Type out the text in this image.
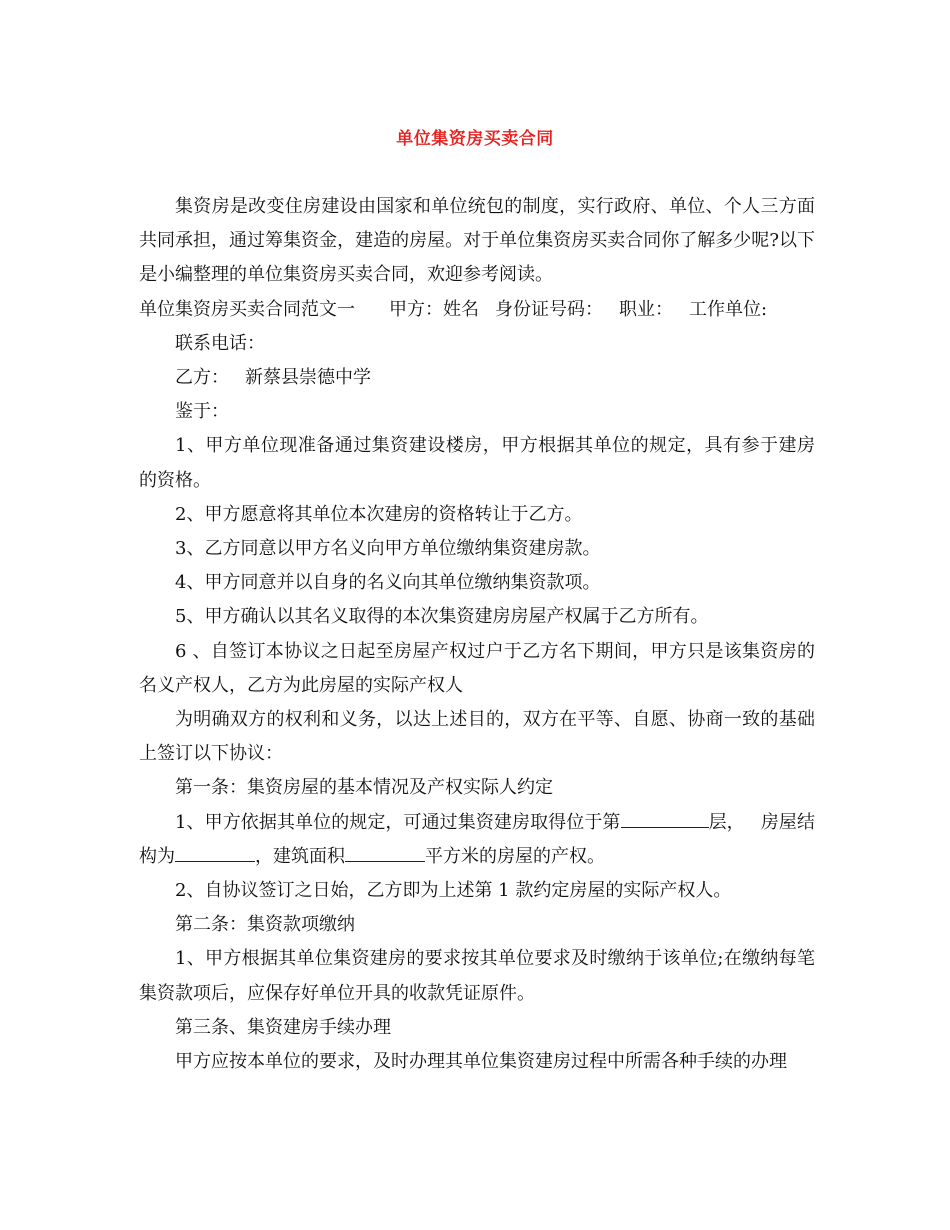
单位集资房买卖合同

集资房是改变住房建设由国家和单位统包的制度，实行政府、单位、个人三方面共同承担，通过筹集资金，建造的房屋。对于单位集资房买卖合同你了解多少呢?以下是小编整理的单位集资房买卖合同，欢迎参考阅读。

单位集资房买卖合同范文一 甲方：姓名 身份证号码： 职业： 工作单位:

联系电话：

乙方： 新蔡县崇德中学

鉴于：

1、甲方单位现准备通过集资建设楼房，甲方根据其单位的规定，具有参于建房的资格。

2、甲方愿意将其单位本次建房的资格转让于乙方。

3、乙方同意以甲方名义向甲方单位缴纳集资建房款。

4、甲方同意并以自身的名义向其单位缴纳集资款项。

5、甲方确认以其名义取得的本次集资建房房屋产权属于乙方所有。

6 、自签订本协议之日起至房屋产权过户于乙方名下期间，甲方只是该集资房的名义产权人，乙方为此房屋的实际产权人

为明确双方的权利和义务，以达上述目的，双方在平等、自愿、协商一致的基础上签订以下协议：

第一条：集资房屋的基本情况及产权实际人约定

1、甲方依据其单位的规定，可通过集资建房取得位于第	层， 房屋结构为	，建筑面积	平方米的房屋的产权。

2、自协议签订之日始，乙方即为上述第 1 款约定房屋的实际产权人。

第二条：集资款项缴纳

1、甲方根据其单位集资建房的要求按其单位要求及时缴纳于该单位;在缴纳每笔集资款项后，应保存好单位开具的收款凭证原件。

第三条、集资建房手续办理

甲方应按本单位的要求，及时办理其单位集资建房过程中所需各种手续的办理
